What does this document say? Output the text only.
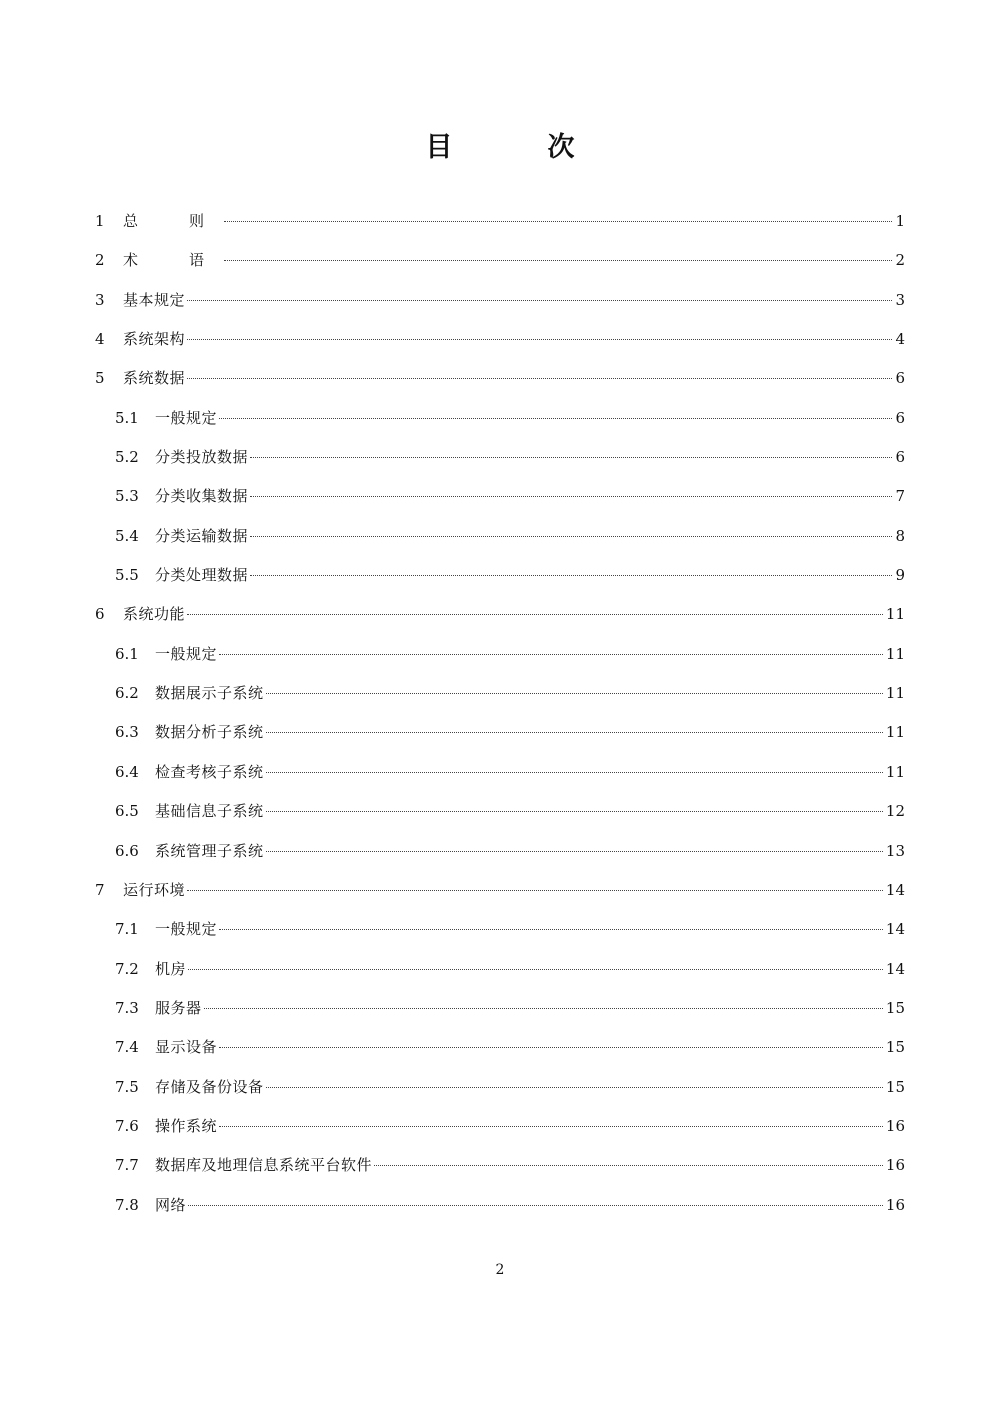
目　次
1	总　则	1
2	术　语	2
3	基本规定	3
4	系统架构	4
5	系统数据	6
5.1	一般规定	6
5.2	分类投放数据	6
5.3	分类收集数据	7
5.4	分类运输数据	8
5.5	分类处理数据	9
6	系统功能	11
6.1	一般规定	11
6.2	数据展示子系统	11
6.3	数据分析子系统	11
6.4	检查考核子系统	11
6.5	基础信息子系统	12
6.6	系统管理子系统	13
7	运行环境	14
7.1	一般规定	14
7.2	机房	14
7.3	服务器	15
7.4	显示设备	15
7.5	存储及备份设备	15
7.6	操作系统	16
7.7	数据库及地理信息系统平台软件	16
7.8	网络	16
2
